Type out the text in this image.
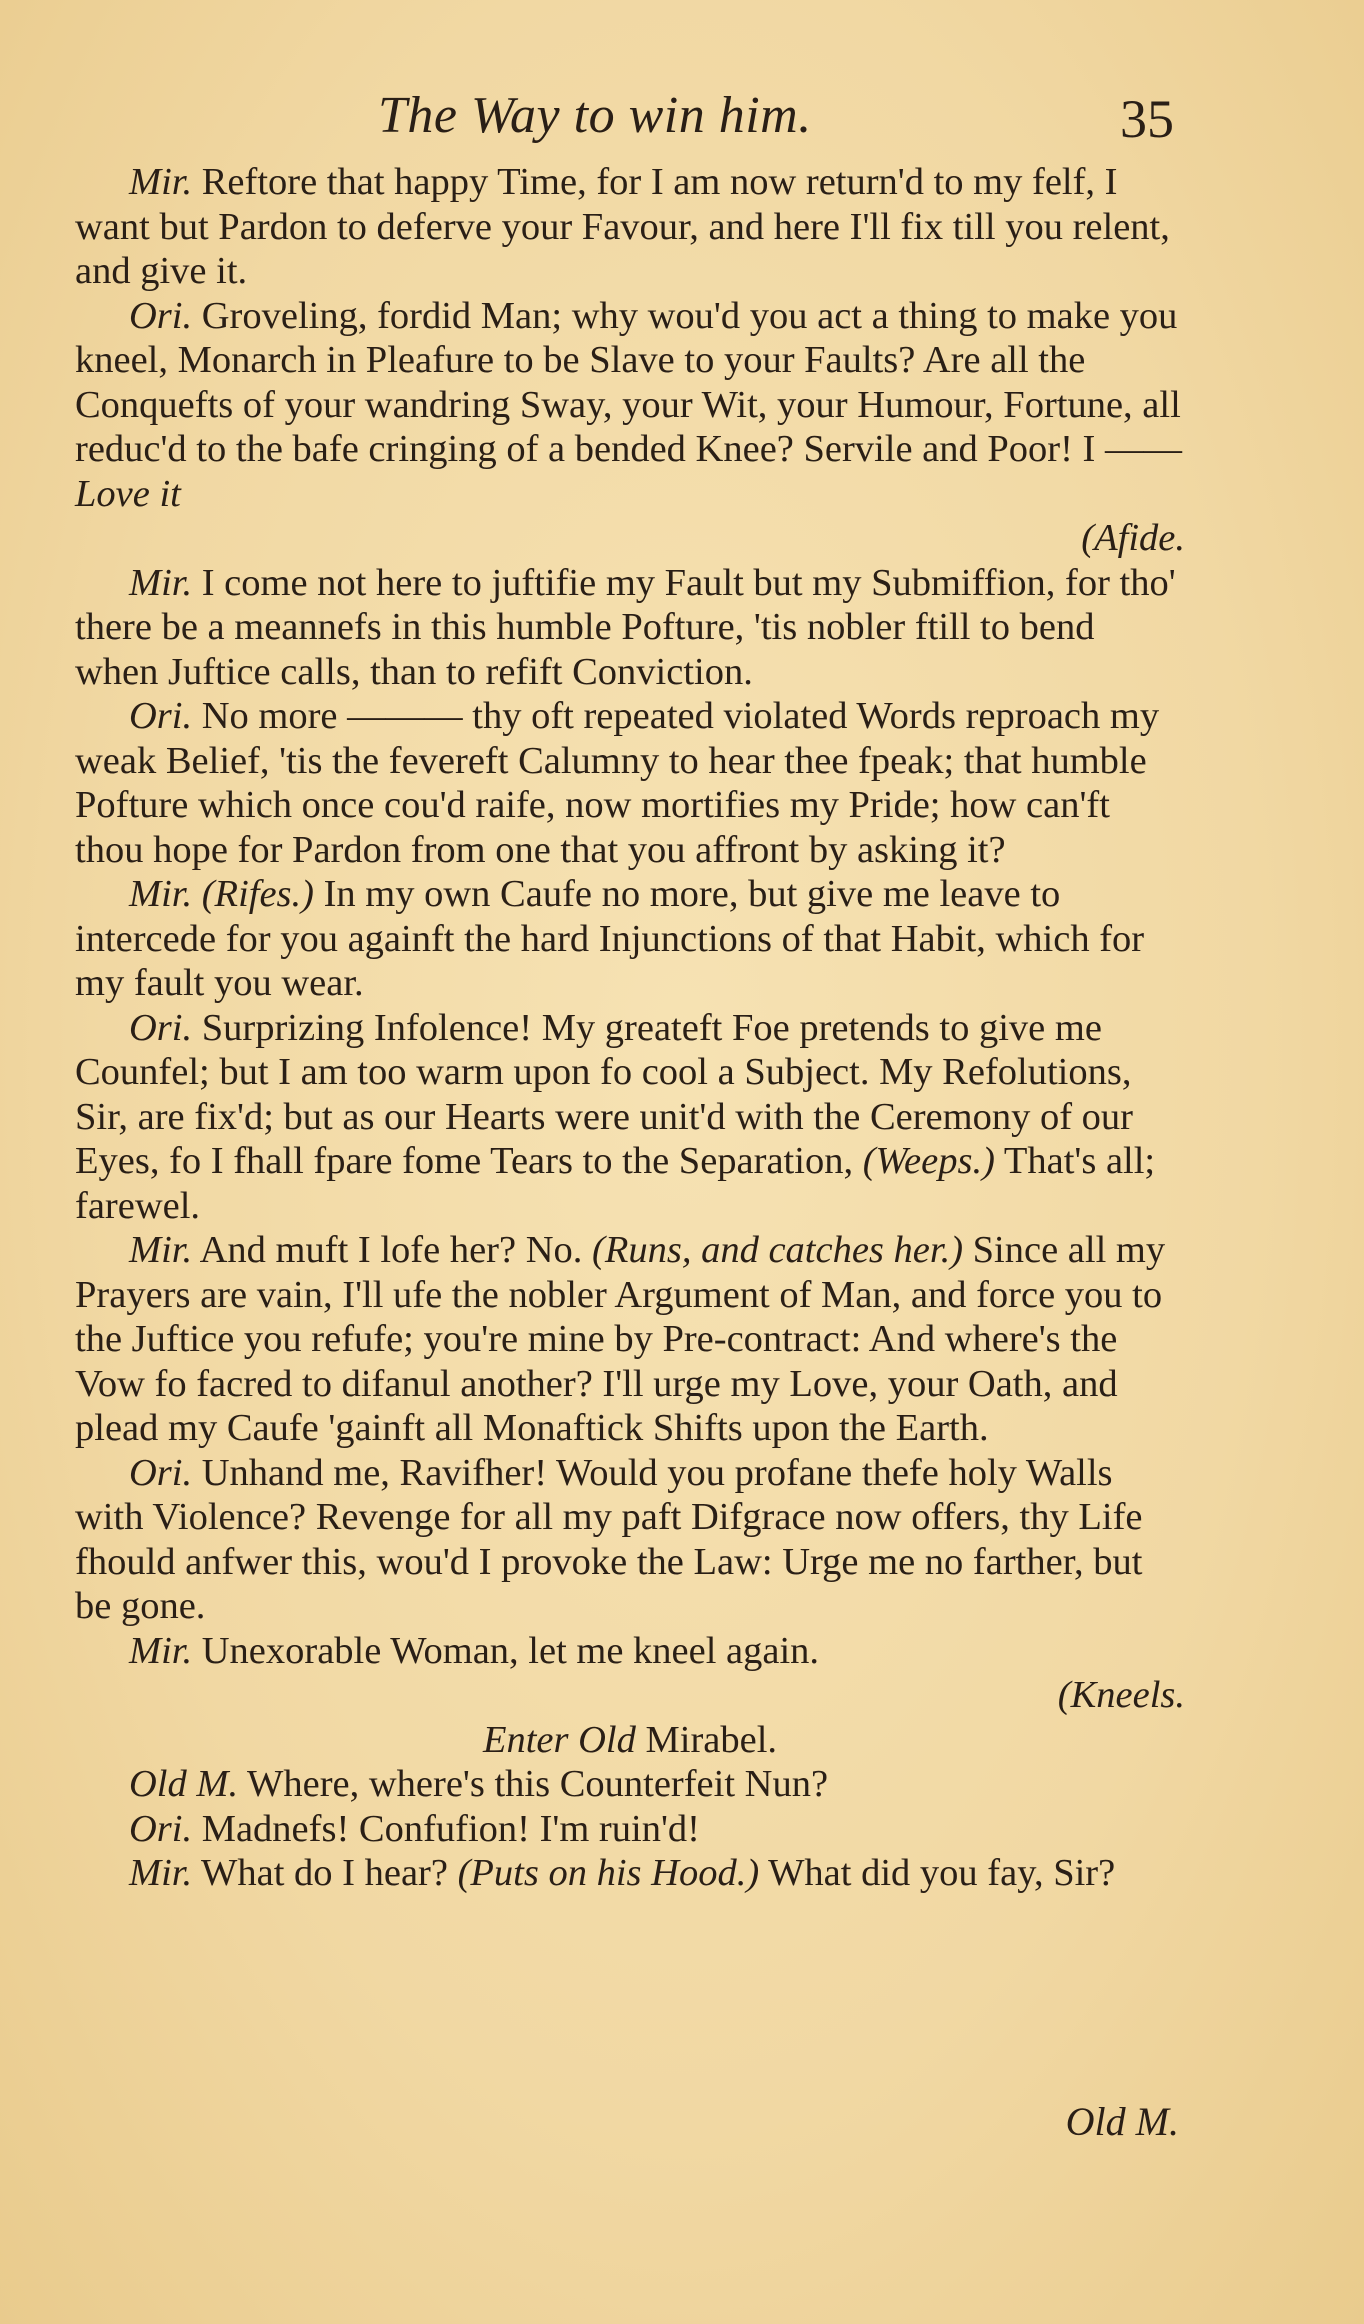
The Way to win him.	35

Mir. Reftore that happy Time, for I am now return'd to my felf, I want but Pardon to deferve your Favour, and here I'll fix till you relent, and give it.

Ori. Groveling, fordid Man; why wou'd you act a thing to make you kneel, Monarch in Pleafure to be Slave to your Faults? Are all the Conquefts of your wandring Sway, your Wit, your Humour, Fortune, all reduc'd to the bafe cringing of a bended Knee? Servile and Poor! I —— Love it

(Afide.

Mir. I come not here to juftifie my Fault but my Submiffion, for tho' there be a meannefs in this humble Pofture, 'tis nobler ftill to bend when Juftice calls, than to refift Conviction.

Ori. No more ——— thy oft repeated violated Words reproach my weak Belief, 'tis the fevereft Calumny to hear thee fpeak; that humble Pofture which once cou'd raife, now mortifies my Pride; how can'ft thou hope for Pardon from one that you affront by asking it?

Mir. (Rifes.) In my own Caufe no more, but give me leave to intercede for you againft the hard Injunctions of that Habit, which for my fault you wear.

Ori. Surprizing Infolence! My greateft Foe pretends to give me Counfel; but I am too warm upon fo cool a Subject. My Refolutions, Sir, are fix'd; but as our Hearts were unit'd with the Ceremony of our Eyes, fo I fhall fpare fome Tears to the Separation, (Weeps.) That's all; farewel.

Mir. And muft I lofe her? No. (Runs, and catches her.) Since all my Prayers are vain, I'll ufe the nobler Argument of Man, and force you to the Juftice you refufe; you're mine by Pre-contract: And where's the Vow fo facred to difanul another? I'll urge my Love, your Oath, and plead my Caufe 'gainft all Monaftick Shifts upon the Earth.

Ori. Unhand me, Ravifher! Would you profane thefe holy Walls with Violence? Revenge for all my paft Difgrace now offers, thy Life fhould anfwer this, wou'd I provoke the Law: Urge me no farther, but be gone.

Mir. Unexorable Woman, let me kneel again.

(Kneels.

Enter Old Mirabel.

Old M. Where, where's this Counterfeit Nun?

Ori. Madnefs! Confufion! I'm ruin'd!

Mir. What do I hear? (Puts on his Hood.) What did you fay, Sir?

Old M.
